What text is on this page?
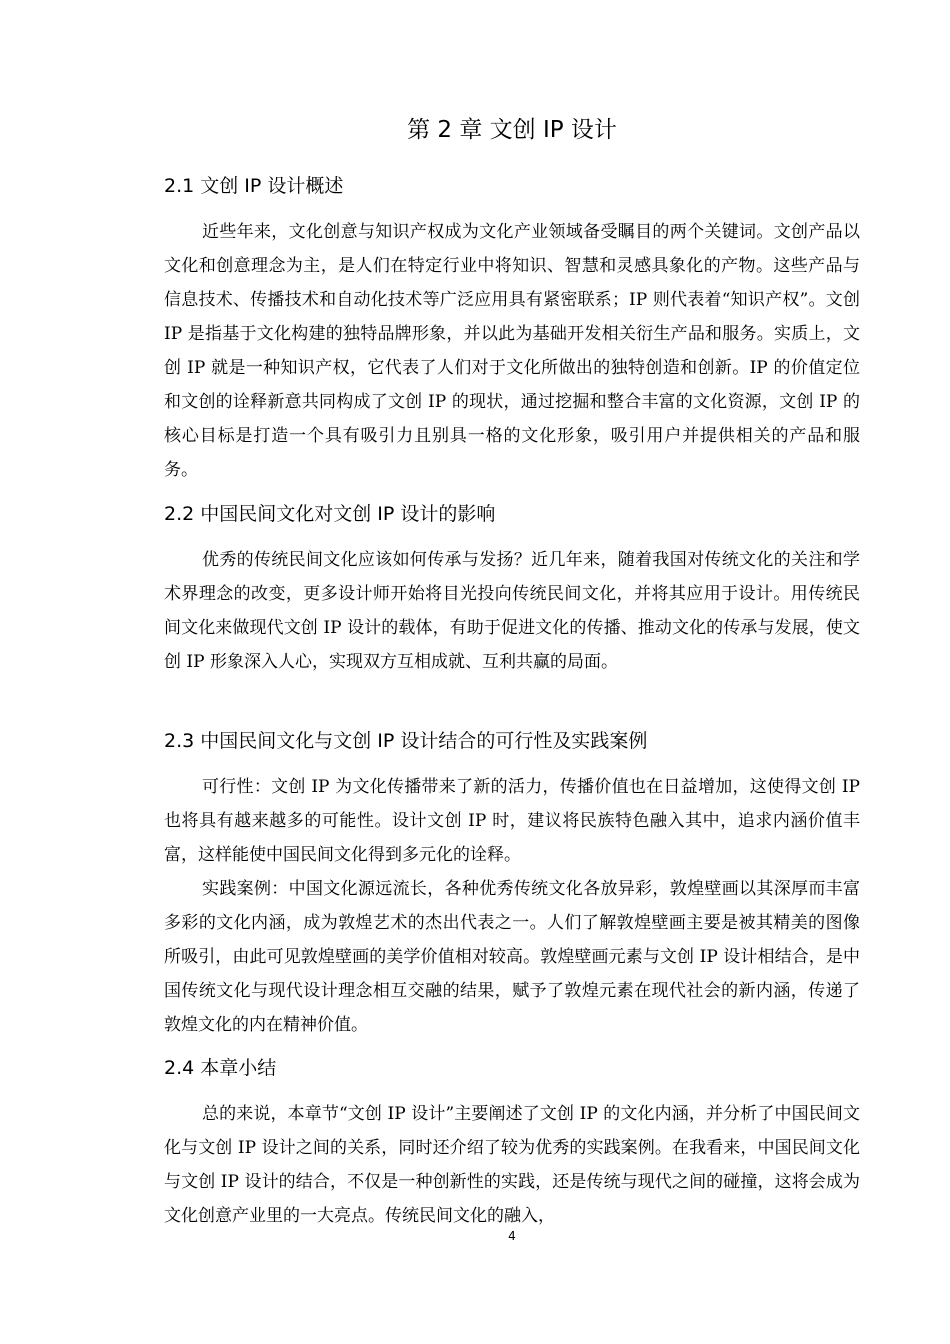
第 2 章 文创 IP 设计
2.1 文创 IP 设计概述

近些年来，文化创意与知识产权成为文化产业领域备受瞩目的两个关键词。文创产品以文化和创意理念为主，是人们在特定行业中将知识、智慧和灵感具象化的产物。这些产品与信息技术、传播技术和自动化技术等广泛应用具有紧密联系；IP 则代表着“知识产权”。文创 IP 是指基于文化构建的独特品牌形象，并以此为基础开发相关衍生产品和服务。实质上，文创 IP 就是一种知识产权，它代表了人们对于文化所做出的独特创造和创新。IP 的价值定位和文创的诠释新意共同构成了文创 IP 的现状，通过挖掘和整合丰富的文化资源，文创 IP 的核心目标是打造一个具有吸引力且别具一格的文化形象，吸引用户并提供相关的产品和服务。

2.2 中国民间文化对文创 IP 设计的影响

优秀的传统民间文化应该如何传承与发扬？近几年来，随着我国对传统文化的关注和学术界理念的改变，更多设计师开始将目光投向传统民间文化，并将其应用于设计。用传统民间文化来做现代文创 IP 设计的载体，有助于促进文化的传播、推动文化的传承与发展，使文创 IP 形象深入人心，实现双方互相成就、互利共赢的局面。

2.3 中国民间文化与文创 IP 设计结合的可行性及实践案例

可行性：文创 IP 为文化传播带来了新的活力，传播价值也在日益增加，这使得文创 IP 也将具有越来越多的可能性。设计文创 IP 时，建议将民族特色融入其中，追求内涵价值丰富，这样能使中国民间文化得到多元化的诠释。

实践案例：中国文化源远流长，各种优秀传统文化各放异彩，敦煌壁画以其深厚而丰富多彩的文化内涵，成为敦煌艺术的杰出代表之一。人们了解敦煌壁画主要是被其精美的图像所吸引，由此可见敦煌壁画的美学价值相对较高。敦煌壁画元素与文创 IP 设计相结合，是中国传统文化与现代设计理念相互交融的结果，赋予了敦煌元素在现代社会的新内涵，传递了敦煌文化的内在精神价值。

2.4 本章小结

总的来说，本章节“文创 IP 设计”主要阐述了文创 IP 的文化内涵，并分析了中国民间文化与文创 IP 设计之间的关系，同时还介绍了较为优秀的实践案例。在我看来，中国民间文化与文创 IP 设计的结合，不仅是一种创新性的实践，还是传统与现代之间的碰撞，这将会成为文化创意产业里的一大亮点。传统民间文化的融入，

4
